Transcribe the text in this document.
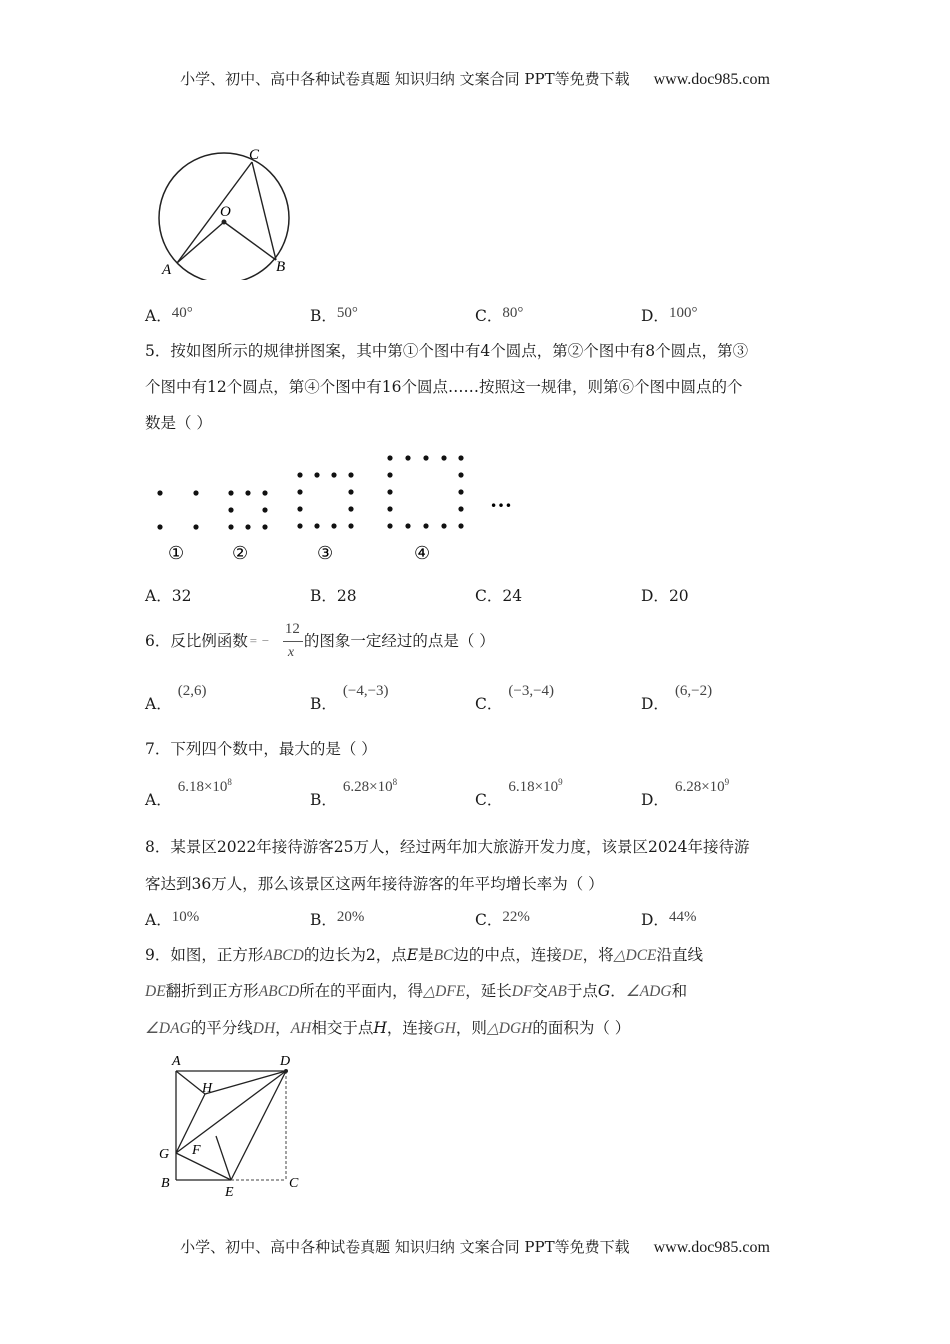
小学、初中、高中各种试卷真题 知识归纳 文案合同 PPT等免费下载 www.doc985.com
C
O
A	B
A．40°	B．50°	C．80°	D．100°
5．按如图所示的规律拼图案，其中第①个图中有4个圆点，第②个图中有8个圆点，第③
个图中有12个圆点，第④个图中有16个圆点……按照这一规律，则第⑥个图中圆点的个
数是（ ）
…
①	②	③	④
A．32	B．28	C．24	D．20
6．反比例函数
y = −
12
x
的图象一定经过的点是（ ）
A．(2,6)
B．(−4,−3)
C．(−3,−4)
D．(6,−2)
7．下列四个数中，最大的是（ ）
A．$6.18\times 10^8$
B．$6.28\times 10^8$
C．$6.18\times 10^9$
D．$6.28\times 10^9$
8．某景区2022年接待游客25万人，经过两年加大旅游开发力度，该景区2024年接待游
客达到36万人，那么该景区这两年接待游客的年平均增长率为（ ）
A．10%	B．20%	C．22%	D．44%
9．如图，正方形ABCD的边长为2，点E是BC边的中点，连接DE，将△DCE沿直线
DE翻折到正方形ABCD所在的平面内，得△DFE，延长DF交AB于点G．∠ADG和
∠DAG的平分线DH，AH相交于点H，连接GH，则△DGH的面积为（ ）
A	D
H
G F
B
E
C
小学、初中、高中各种试卷真题 知识归纳 文案合同 PPT等免费下载 www.doc985.com
